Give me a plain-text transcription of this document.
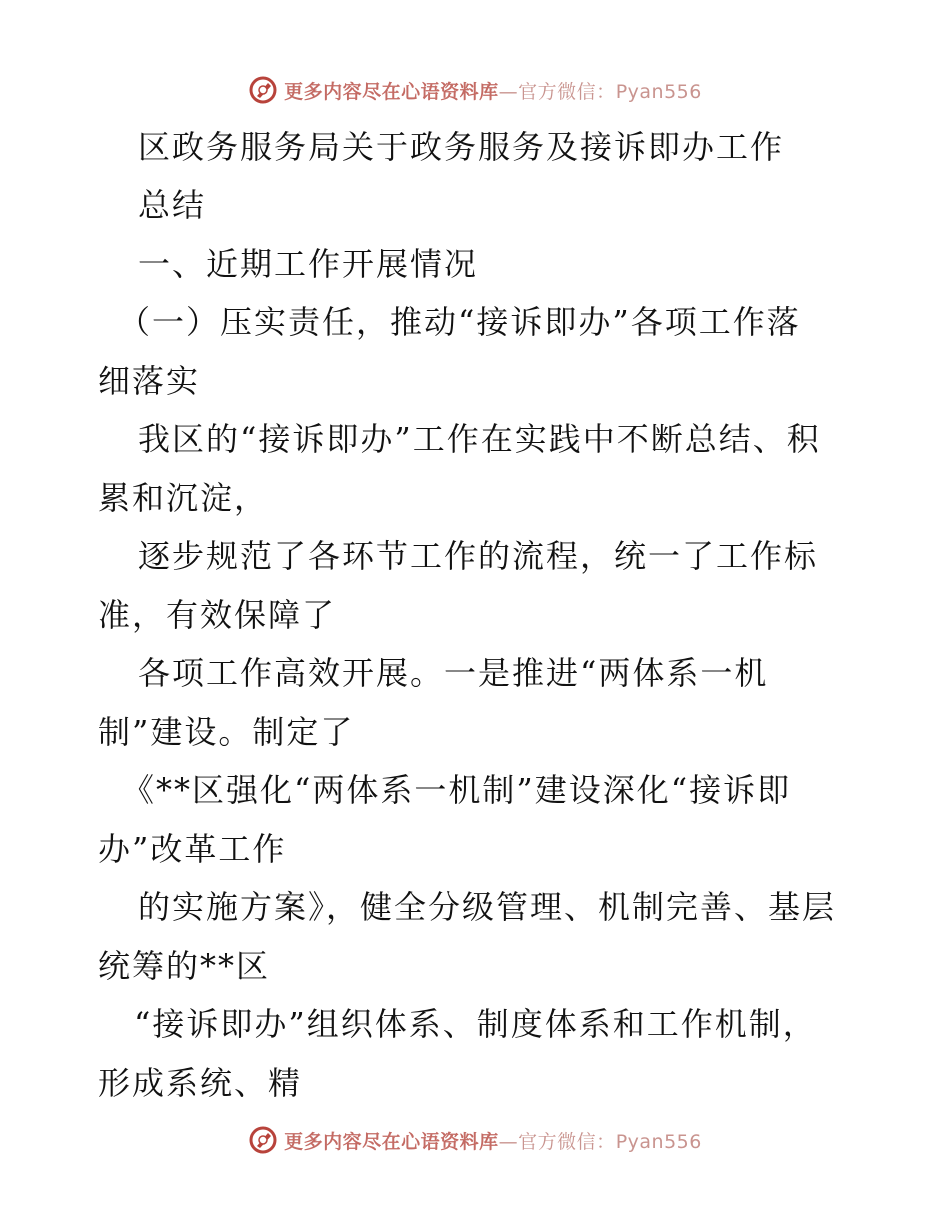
更多内容尽在心语资料库—官方微信：Pyan556
区政务服务局关于政务服务及接诉即办工作
总结
一、近期工作开展情况
（一）压实责任，推动“接诉即办”各项工作落
细落实
我区的“接诉即办”工作在实践中不断总结、积
累和沉淀，
逐步规范了各环节工作的流程，统一了工作标
准，有效保障了
各项工作高效开展。一是推进“两体系一机
制”建设。制定了
《**区强化“两体系一机制”建设深化“接诉即
办”改革工作
的实施方案》，健全分级管理、机制完善、基层
统筹的**区
“接诉即办”组织体系、制度体系和工作机制，
形成系统、精
更多内容尽在心语资料库—官方微信：Pyan556
